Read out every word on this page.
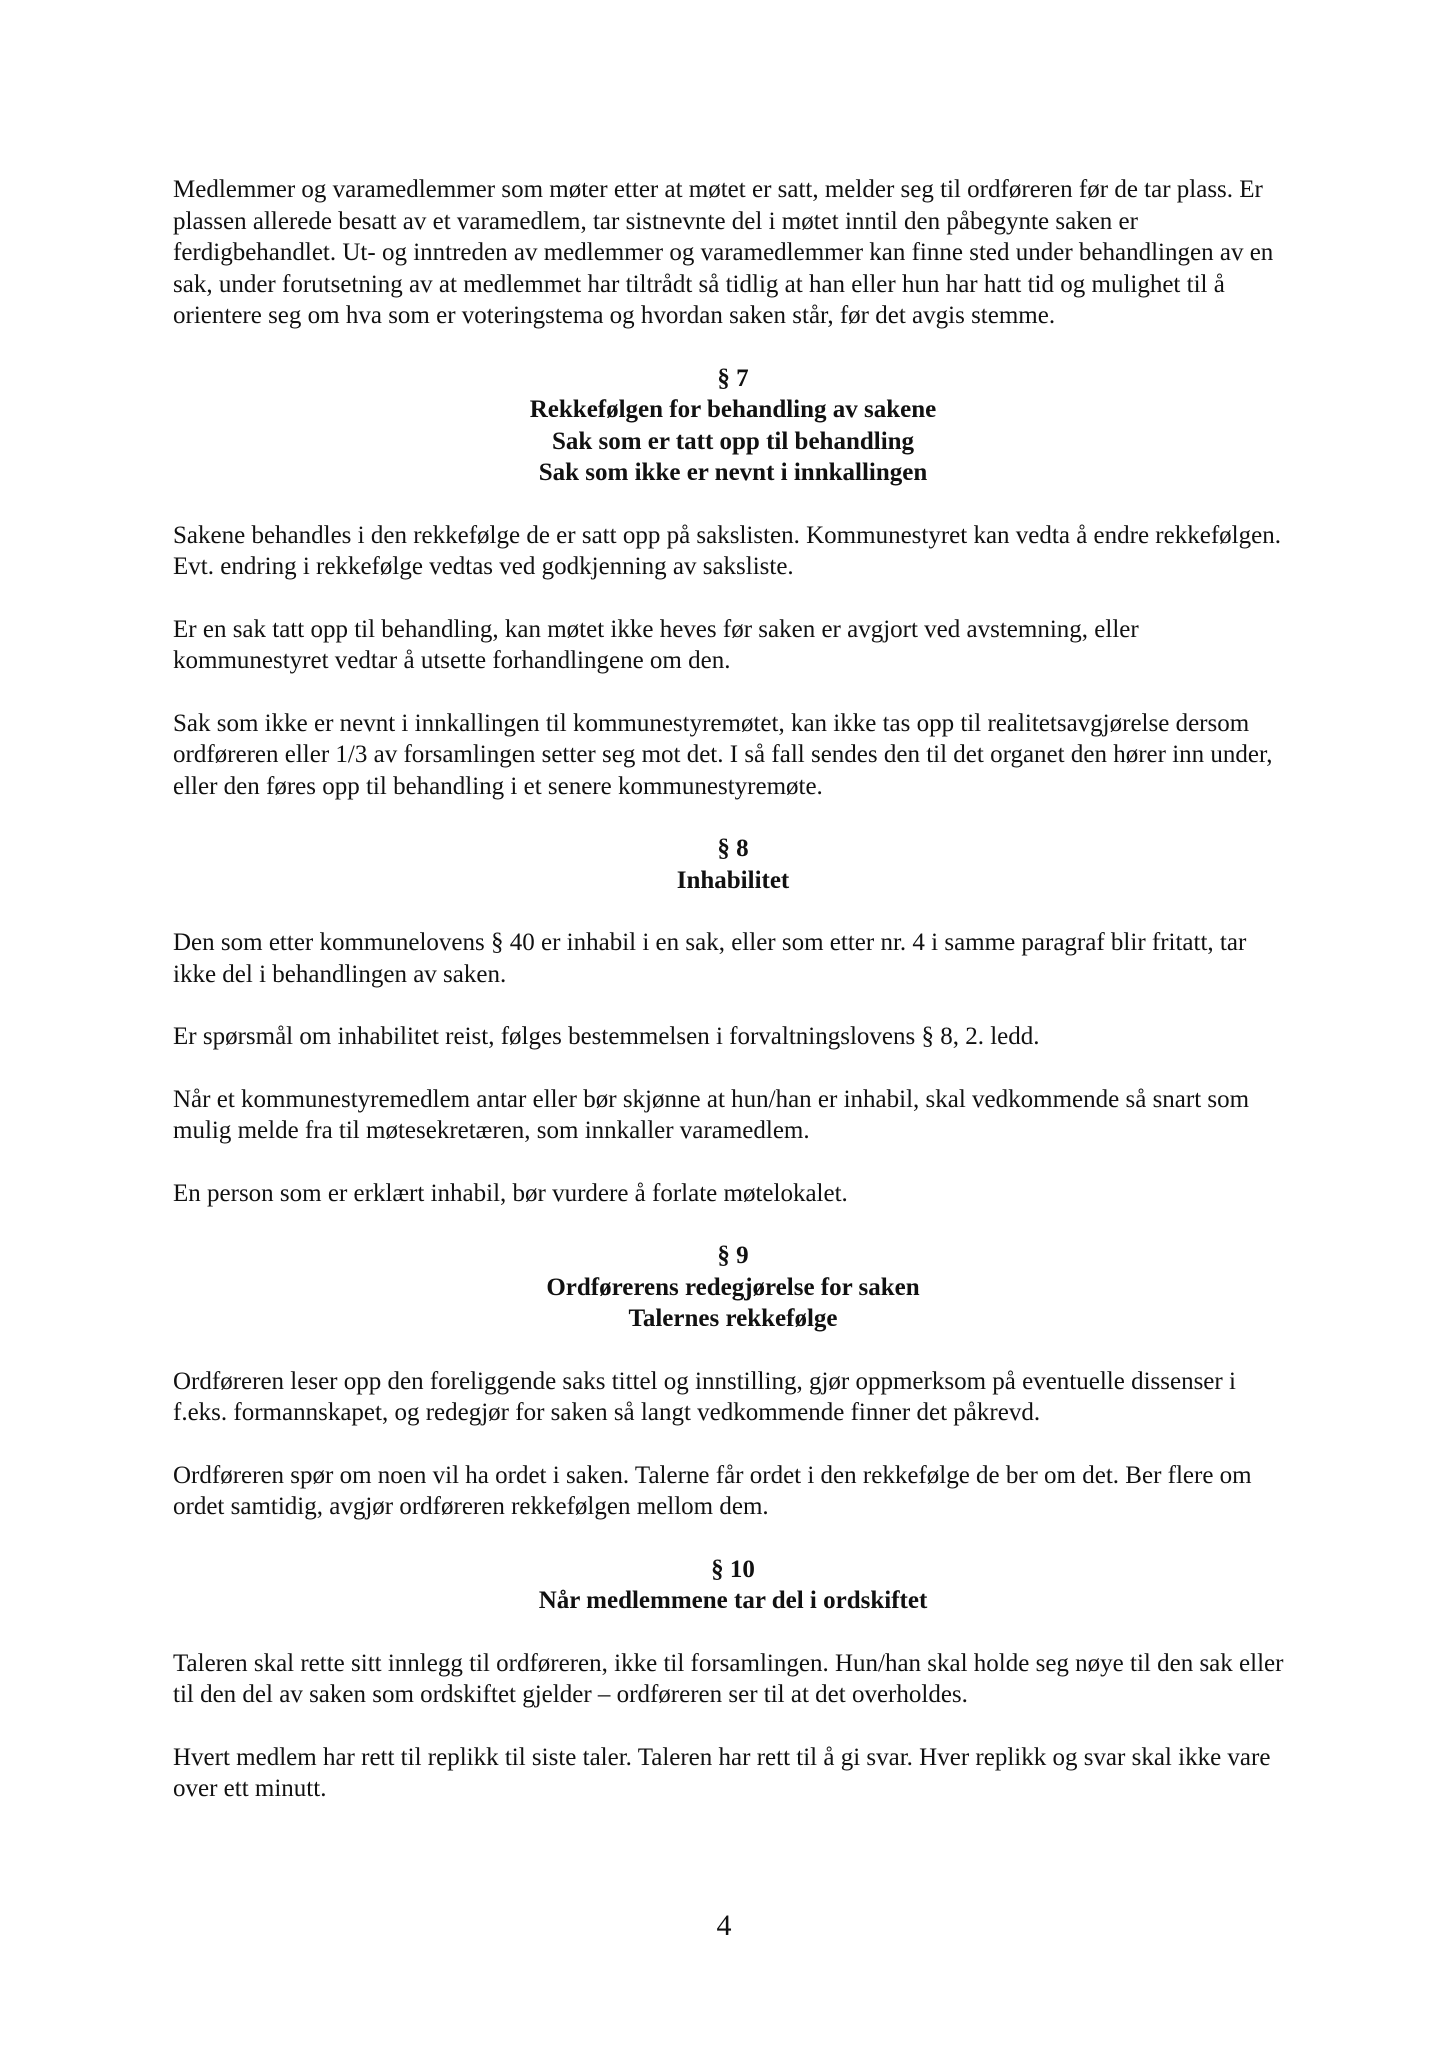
Medlemmer og varamedlemmer som møter etter at møtet er satt, melder seg til ordføreren før de tar plass. Er plassen allerede besatt av et varamedlem, tar sistnevnte del i møtet inntil den påbegynte saken er ferdigbehandlet. Ut- og inntreden av medlemmer og varamedlemmer kan finne sted under behandlingen av en sak, under forutsetning av at medlemmet har tiltrådt så tidlig at han eller hun har hatt tid og mulighet til å orientere seg om hva som er voteringstema og hvordan saken står, før det avgis stemme.

§ 7
Rekkefølgen for behandling av sakene
Sak som er tatt opp til behandling
Sak som ikke er nevnt i innkallingen

Sakene behandles i den rekkefølge de er satt opp på sakslisten. Kommunestyret kan vedta å endre rekkefølgen. Evt. endring i rekkefølge vedtas ved godkjenning av saksliste.

Er en sak tatt opp til behandling, kan møtet ikke heves før saken er avgjort ved avstemning, eller kommunestyret vedtar å utsette forhandlingene om den.

Sak som ikke er nevnt i innkallingen til kommunestyremøtet, kan ikke tas opp til realitetsavgjørelse dersom ordføreren eller 1/3 av forsamlingen setter seg mot det. I så fall sendes den til det organet den hører inn under, eller den føres opp til behandling i et senere kommunestyremøte.

§ 8
Inhabilitet

Den som etter kommunelovens § 40 er inhabil i en sak, eller som etter nr. 4 i samme paragraf blir fritatt, tar ikke del i behandlingen av saken.

Er spørsmål om inhabilitet reist, følges bestemmelsen i forvaltningslovens § 8, 2. ledd.

Når et kommunestyremedlem antar eller bør skjønne at hun/han er inhabil, skal vedkommende så snart som mulig melde fra til møtesekretæren, som innkaller varamedlem.

En person som er erklært inhabil, bør vurdere å forlate møtelokalet.

§ 9
Ordførerens redegjørelse for saken
Talernes rekkefølge

Ordføreren leser opp den foreliggende saks tittel og innstilling, gjør oppmerksom på eventuelle dissenser i f.eks. formannskapet, og redegjør for saken så langt vedkommende finner det påkrevd.

Ordføreren spør om noen vil ha ordet i saken. Talerne får ordet i den rekkefølge de ber om det. Ber flere om ordet samtidig, avgjør ordføreren rekkefølgen mellom dem.

§ 10
Når medlemmene tar del i ordskiftet

Taleren skal rette sitt innlegg til ordføreren, ikke til forsamlingen. Hun/han skal holde seg nøye til den sak eller til den del av saken som ordskiftet gjelder – ordføreren ser til at det overholdes.

Hvert medlem har rett til replikk til siste taler. Taleren har rett til å gi svar. Hver replikk og svar skal ikke vare over ett minutt.

4
